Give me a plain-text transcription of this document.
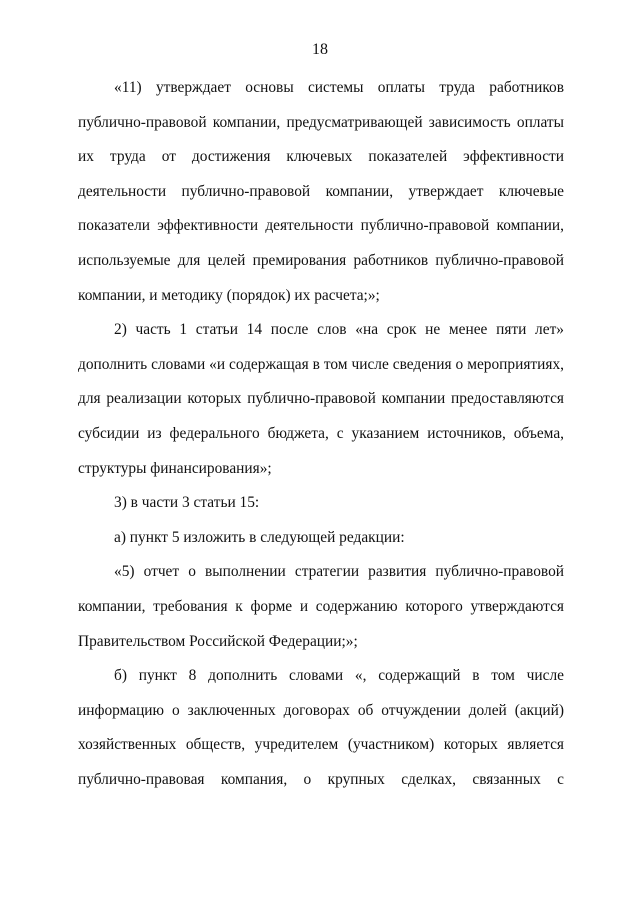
18

«11) утверждает основы системы оплаты труда работников публично-правовой компании, предусматривающей зависимость оплаты их труда от достижения ключевых показателей эффективности деятельности публично-правовой компании, утверждает ключевые показатели эффективности деятельности публично-правовой компании, используемые для целей премирования работников публично-правовой компании, и методику (порядок) их расчета;»;

2) часть 1 статьи 14 после слов «на срок не менее пяти лет» дополнить словами «и содержащая в том числе сведения о мероприятиях, для реализации которых публично-правовой компании предоставляются субсидии из федерального бюджета, с указанием источников, объема, структуры финансирования»;

3) в части 3 статьи 15:

а) пункт 5 изложить в следующей редакции:

«5) отчет о выполнении стратегии развития публично-правовой компании, требования к форме и содержанию которого утверждаются Правительством Российской Федерации;»;

б) пункт 8 дополнить словами «, содержащий в том числе информацию о заключенных договорах об отчуждении долей (акций) хозяйственных обществ, учредителем (участником) которых является публично-правовая компания, о крупных сделках, связанных с
